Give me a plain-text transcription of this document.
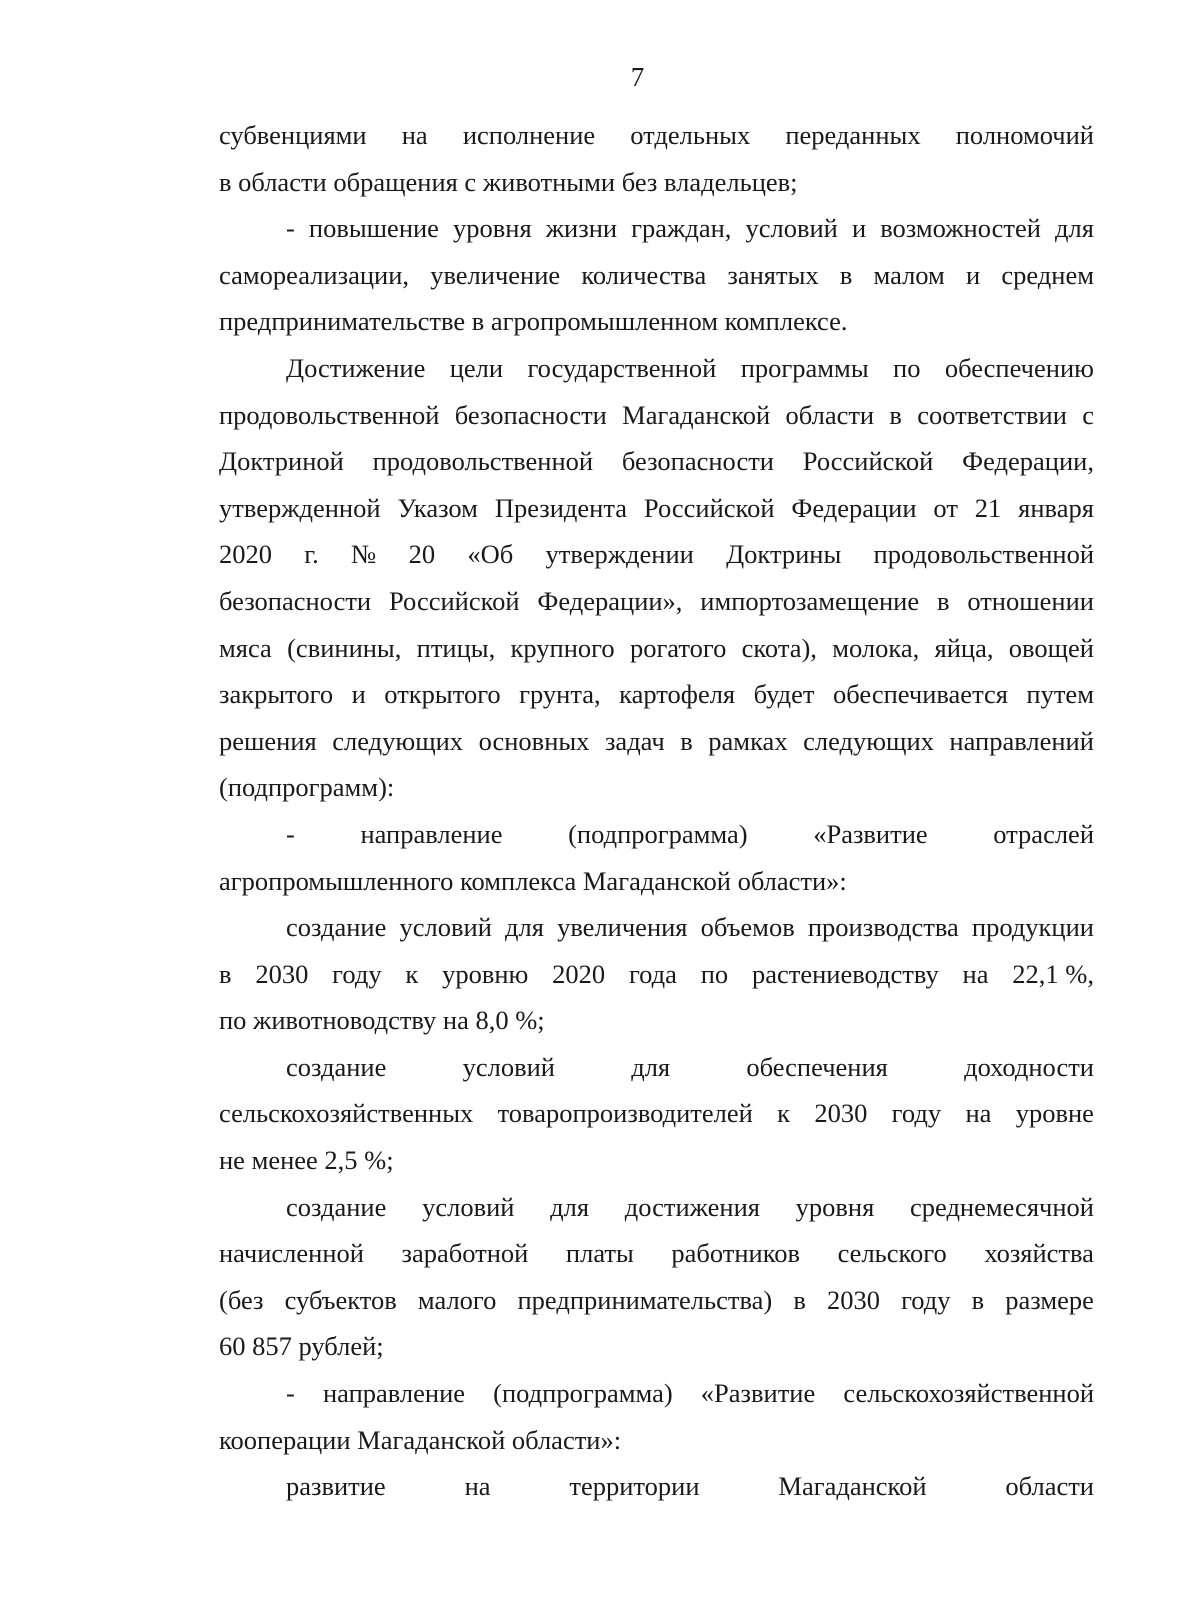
7
субвенциями на исполнение отдельных переданных полномочий
в области обращения с животными без владельцев;
- повышение уровня жизни граждан, условий и возможностей для
самореализации, увеличение количества занятых в малом и среднем
предпринимательстве в агропромышленном комплексе.
Достижение цели государственной программы по обеспечению
продовольственной безопасности Магаданской области в соответствии с
Доктриной продовольственной безопасности Российской Федерации,
утвержденной Указом Президента Российской Федерации от 21 января
2020 г. № 20 «Об утверждении Доктрины продовольственной
безопасности Российской Федерации», импортозамещение в отношении
мяса (свинины, птицы, крупного рогатого скота), молока, яйца, овощей
закрытого и открытого грунта, картофеля будет обеспечивается путем
решения следующих основных задач в рамках следующих направлений
(подпрограмм):
- направление (подпрограмма) «Развитие отраслей
агропромышленного комплекса Магаданской области»:
создание условий для увеличения объемов производства продукции
в 2030 году к уровню 2020 года по растениеводству на 22,1 %,
по животноводству на 8,0 %;
создание	условий	для	обеспечения	доходности
сельскохозяйственных товаропроизводителей к 2030 году на уровне
не менее 2,5 %;
создание условий для достижения уровня среднемесячной
начисленной заработной платы работников сельского хозяйства
(без субъектов малого предпринимательства) в 2030 году в размере
60 857 рублей;
- направление (подпрограмма) «Развитие сельскохозяйственной
кооперации Магаданской области»:
развитие	на	территории	Магаданской	области
